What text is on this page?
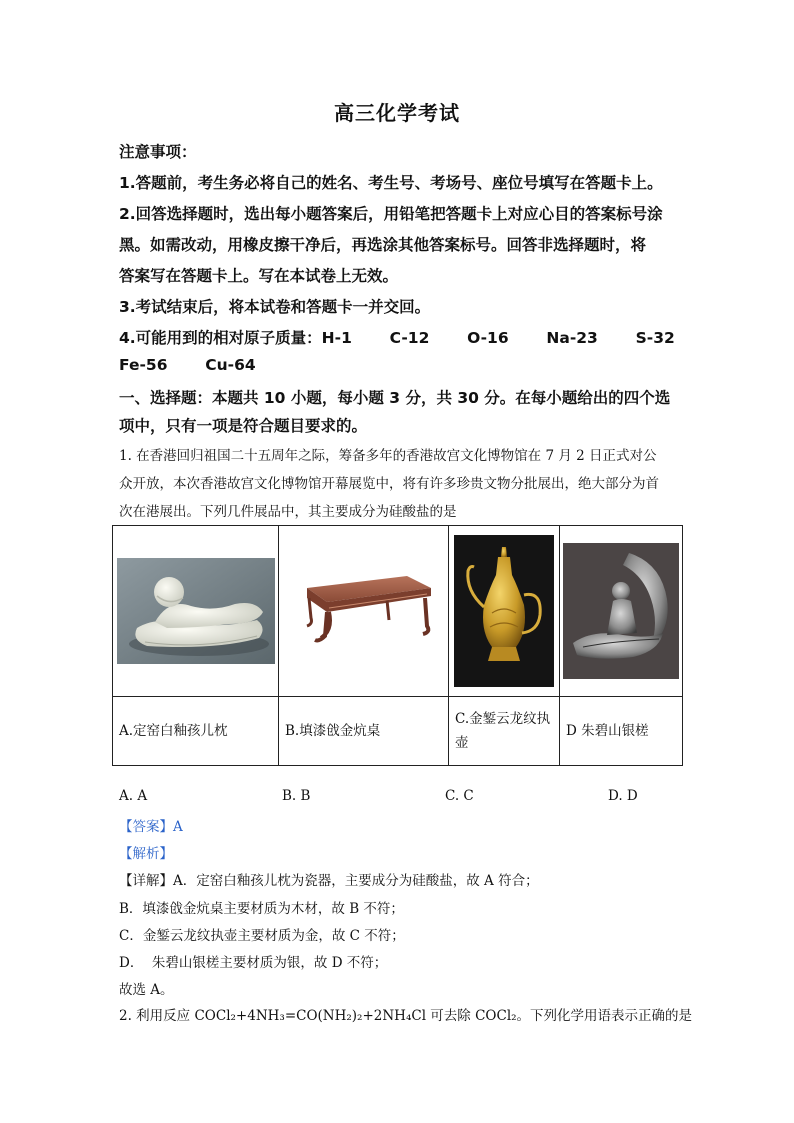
高三化学考试
注意事项：
1.答题前，考生务必将自己的姓名、考生号、考场号、座位号填写在答题卡上。
2.回答选择题时，选出每小题答案后，用铅笔把答题卡上对应心目的答案标号涂
黑。如需改动，用橡皮擦干净后，再选涂其他答案标号。回答非选择题时，将
答案写在答题卡上。写在本试卷上无效。
3.考试结束后，将本试卷和答题卡一并交回。
4.可能用到的相对原子质量：H-1       C-12       O-16       Na-23       S-32
Fe-56       Cu-64
一、选择题：本题共 10 小题，每小题 3 分，共 30 分。在每小题给出的四个选
项中，只有一项是符合题目要求的。
1. 在香港回归祖国二十五周年之际，筹备多年的香港故宫文化博物馆在 7 月 2 日正式对公
众开放，本次香港故宫文化博物馆开幕展览中，将有许多珍贵文物分批展出，绝大部分为首
次在港展出。下列几件展品中，其主要成分为硅酸盐的是

A.定窑白釉孩儿枕	B.填漆戗金炕桌	C.金錾云龙纹执壶	D 朱碧山银槎
A. A	B. B	C. C	D. D
【答案】A
【解析】
【详解】A．定窑白釉孩儿枕为瓷器，主要成分为硅酸盐，故 A 符合；
B．填漆戗金炕桌主要材质为木材，故 B 不符；
C．金錾云龙纹执壶主要材质为金，故 C 不符；
D．  朱碧山银槎主要材质为银，故 D 不符；
故选 A。
2. 利用反应 COCl₂+4NH₃=CO(NH₂)₂+2NH₄Cl 可去除 COCl₂。下列化学用语表示正确的是
